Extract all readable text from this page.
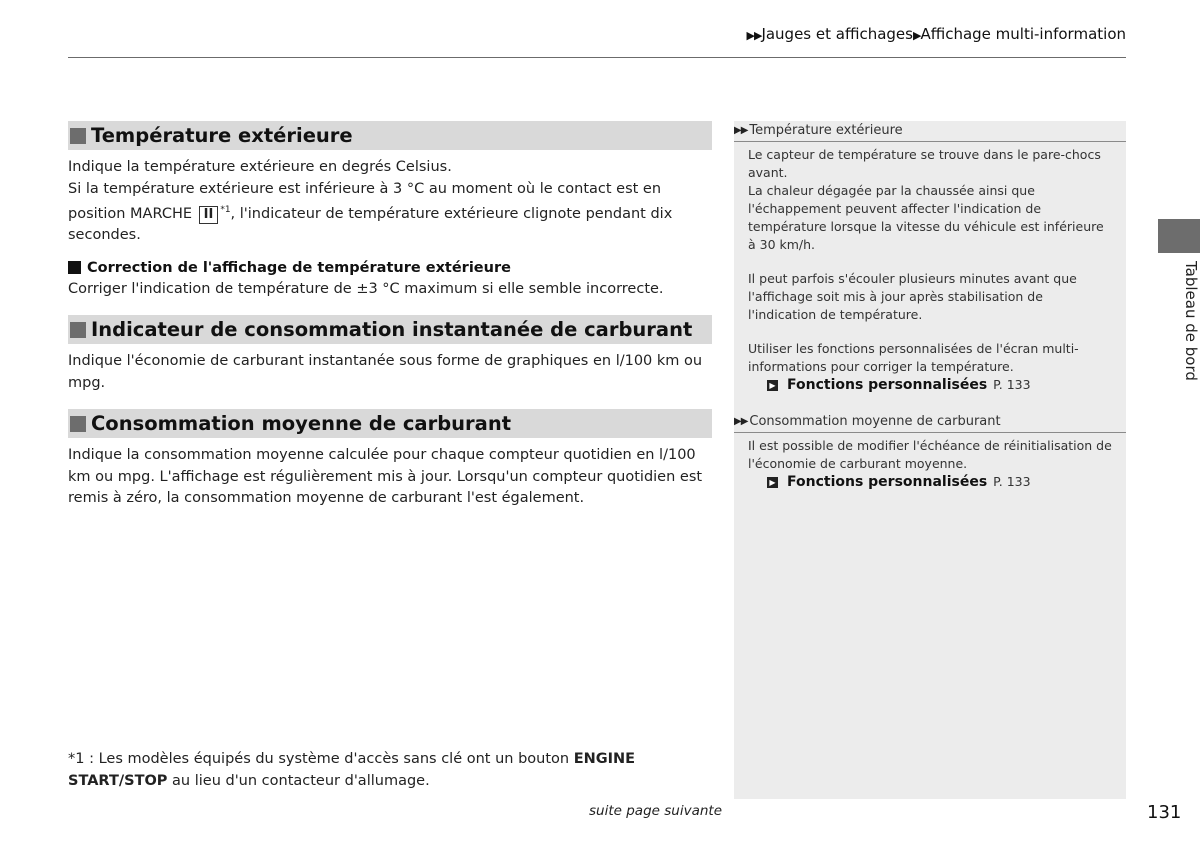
▶▶Jauges et affichages▶Affichage multi-information
Température extérieure
Indique la température extérieure en degrés Celsius.
Si la température extérieure est inférieure à 3 °C au moment où le contact est en position MARCHE II $^{*1}$, l'indicateur de température extérieure clignote pendant dix secondes.
Correction de l'affichage de température extérieure
Corriger l'indication de température de ±3 °C maximum si elle semble incorrecte.
Indicateur de consommation instantanée de carburant
Indique l'économie de carburant instantanée sous forme de graphiques en l/100 km ou mpg.
Consommation moyenne de carburant
Indique la consommation moyenne calculée pour chaque compteur quotidien en l/100 km ou mpg. L'affichage est régulièrement mis à jour. Lorsqu'un compteur quotidien est remis à zéro, la consommation moyenne de carburant l'est également.
*1 : Les modèles équipés du système d'accès sans clé ont un bouton ENGINE START/STOP au lieu d'un contacteur d'allumage.
suite page suivante
▶▶ Température extérieure

Le capteur de température se trouve dans le pare-chocs avant.

La chaleur dégagée par la chaussée ainsi que l'échappement peuvent affecter l'indication de température lorsque la vitesse du véhicule est inférieure à 30 km/h.

Il peut parfois s'écouler plusieurs minutes avant que l'affichage soit mis à jour après stabilisation de l'indication de température.

Utiliser les fonctions personnalisées de l'écran multi-informations pour corriger la température.

▶ Fonctions personnalisées P. 133
▶▶ Consommation moyenne de carburant

Il est possible de modifier l'échéance de réinitialisation de l'économie de carburant moyenne.

▶ Fonctions personnalisées P. 133
Tableau de bord
131
